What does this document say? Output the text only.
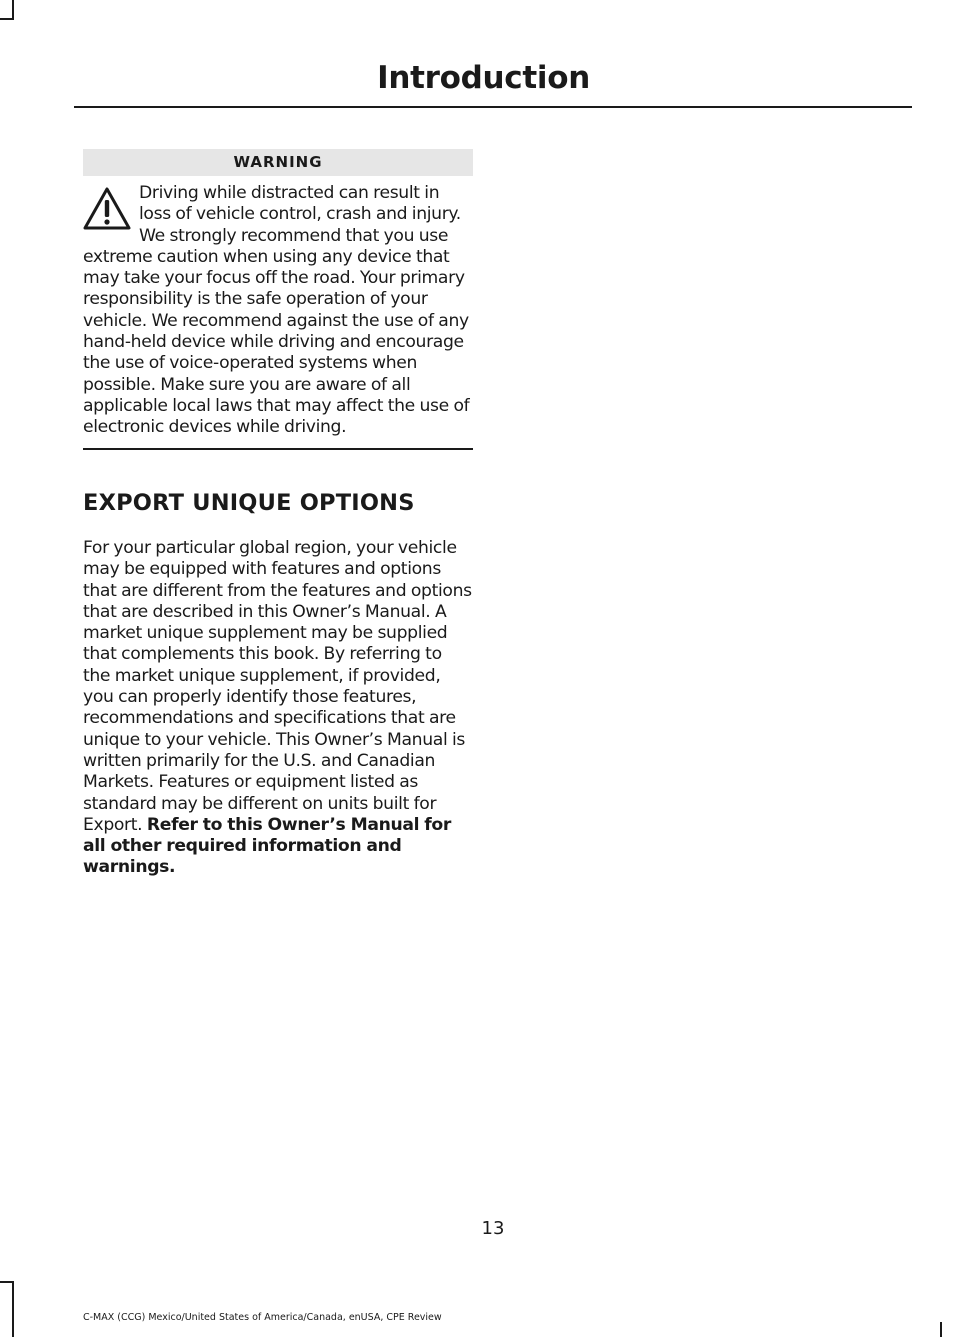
Introduction
WARNING
Driving while distracted can result in loss of vehicle control, crash and injury. We strongly recommend that you use extreme caution when using any device that may take your focus off the road. Your primary responsibility is the safe operation of your vehicle. We recommend against the use of any hand-held device while driving and encourage the use of voice-operated systems when possible. Make sure you are aware of all applicable local laws that may affect the use of electronic devices while driving.
EXPORT UNIQUE OPTIONS

For your particular global region, your vehicle may be equipped with features and options that are different from the features and options that are described in this Owner’s Manual. A market unique supplement may be supplied that complements this book. By referring to the market unique supplement, if provided, you can properly identify those features, recommendations and specifications that are unique to your vehicle. This Owner’s Manual is written primarily for the U.S. and Canadian Markets. Features or equipment listed as standard may be different on units built for Export. Refer to this Owner’s Manual for all other required information and warnings.

13
C-MAX (CCG) Mexico/United States of America/Canada, enUSA, CPE Review
